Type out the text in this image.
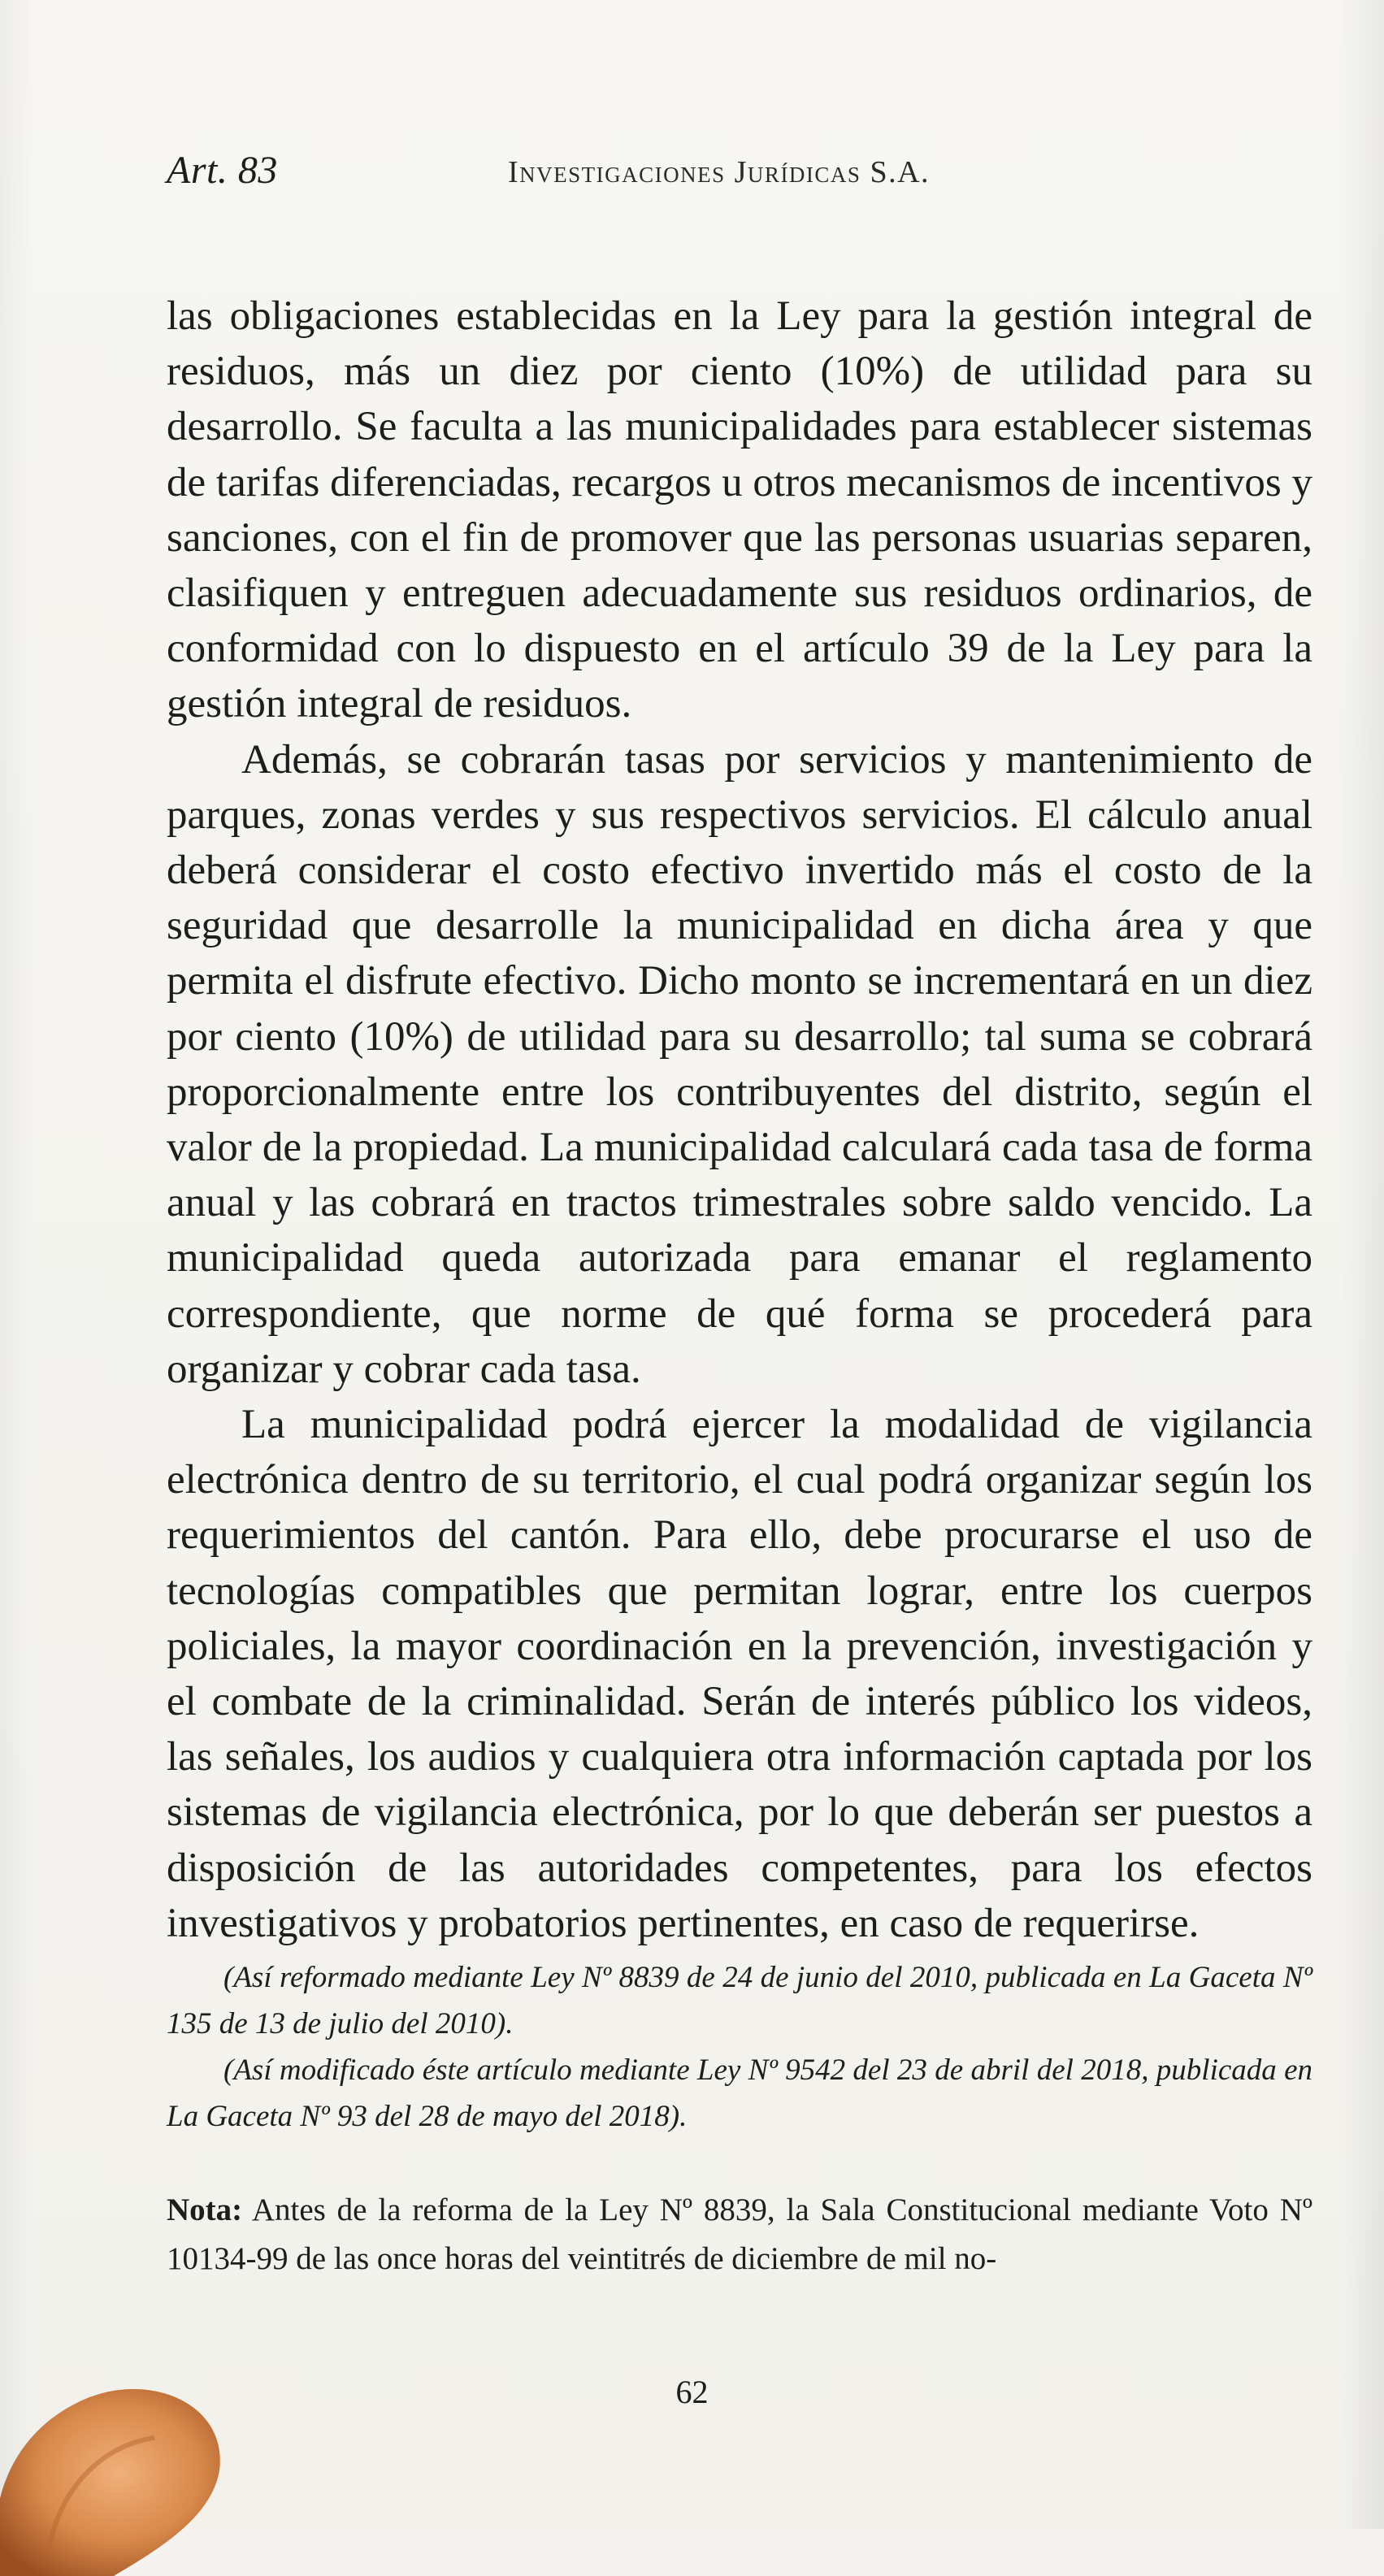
Art. 83	Investigaciones Jurídicas S.A.

las obligaciones establecidas en la Ley para la gestión integral de residuos, más un diez por ciento (10%) de utilidad para su desarrollo. Se faculta a las municipalidades para establecer sistemas de tarifas diferenciadas, recargos u otros mecanismos de incentivos y sanciones, con el fin de promover que las personas usuarias separen, clasifiquen y entreguen adecuadamente sus residuos ordinarios, de conformidad con lo dispuesto en el artículo 39 de la Ley para la gestión integral de residuos.

Además, se cobrarán tasas por servicios y mantenimiento de parques, zonas verdes y sus respectivos servicios. El cálculo anual deberá considerar el costo efectivo invertido más el costo de la seguridad que desarrolle la municipalidad en dicha área y que permita el disfrute efectivo. Dicho monto se incrementará en un diez por ciento (10%) de utilidad para su desarrollo; tal suma se cobrará proporcionalmente entre los contribuyentes del distrito, según el valor de la propiedad. La municipalidad calculará cada tasa de forma anual y las cobrará en tractos trimestrales sobre saldo vencido. La municipalidad queda autorizada para emanar el reglamento correspondiente, que norme de qué forma se procederá para organizar y cobrar cada tasa.

La municipalidad podrá ejercer la modalidad de vigilancia electrónica dentro de su territorio, el cual podrá organizar según los requerimientos del cantón. Para ello, debe procurarse el uso de tecnologías compatibles que permitan lograr, entre los cuerpos policiales, la mayor coordinación en la prevención, investigación y el combate de la criminalidad. Serán de interés público los videos, las señales, los audios y cualquiera otra información captada por los sistemas de vigilancia electrónica, por lo que deberán ser puestos a disposición de las autoridades competentes, para los efectos investigativos y probatorios pertinentes, en caso de requerirse.

(Así reformado mediante Ley Nº 8839 de 24 de junio del 2010, publicada en La Gaceta Nº 135 de 13 de julio del 2010).

(Así modificado éste artículo mediante Ley Nº 9542 del 23 de abril del 2018, publicada en La Gaceta Nº 93 del 28 de mayo del 2018).

Nota: Antes de la reforma de la Ley Nº 8839, la Sala Constitucional mediante Voto Nº 10134-99 de las once horas del veintitrés de diciembre de mil no-
62
